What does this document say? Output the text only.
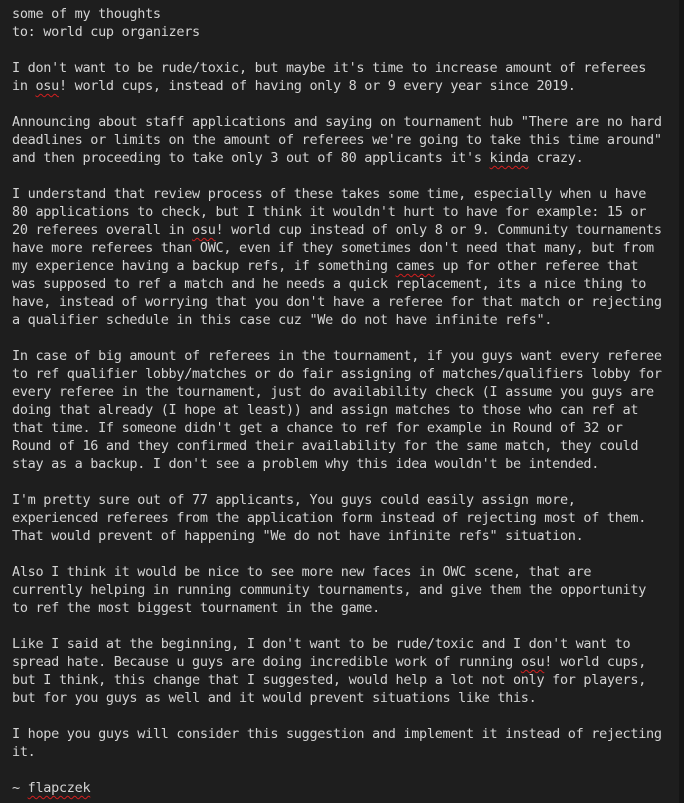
some of my thoughts
to: world cup organizers
I don't want to be rude/toxic, but maybe it's time to increase amount of referees
in osu! world cups, instead of having only 8 or 9 every year since 2019.
Announcing about staff applications and saying on tournament hub "There are no hard
deadlines or limits on the amount of referees we're going to take this time around"
and then proceeding to take only 3 out of 80 applicants it's kinda crazy.
I understand that review process of these takes some time, especially when u have
80 applications to check, but I think it wouldn't hurt to have for example: 15 or
20 referees overall in osu! world cup instead of only 8 or 9. Community tournaments
have more referees than OWC, even if they sometimes don't need that many, but from
my experience having a backup refs, if something cames up for other referee that
was supposed to ref a match and he needs a quick replacement, its a nice thing to
have, instead of worrying that you don't have a referee for that match or rejecting
a qualifier schedule in this case cuz "We do not have infinite refs".
In case of big amount of referees in the tournament, if you guys want every referee
to ref qualifier lobby/matches or do fair assigning of matches/qualifiers lobby for
every referee in the tournament, just do availability check (I assume you guys are
doing that already (I hope at least)) and assign matches to those who can ref at
that time. If someone didn't get a chance to ref for example in Round of 32 or
Round of 16 and they confirmed their availability for the same match, they could
stay as a backup. I don't see a problem why this idea wouldn't be intended.
I'm pretty sure out of 77 applicants, You guys could easily assign more,
experienced referees from the application form instead of rejecting most of them.
That would prevent of happening "We do not have infinite refs" situation.
Also I think it would be nice to see more new faces in OWC scene, that are
currently helping in running community tournaments, and give them the opportunity
to ref the most biggest tournament in the game.
Like I said at the beginning, I don't want to be rude/toxic and I don't want to
spread hate. Because u guys are doing incredible work of running osu! world cups,
but I think, this change that I suggested, would help a lot not only for players,
but for you guys as well and it would prevent situations like this.
I hope you guys will consider this suggestion and implement it instead of rejecting
it.
~ flapczek
